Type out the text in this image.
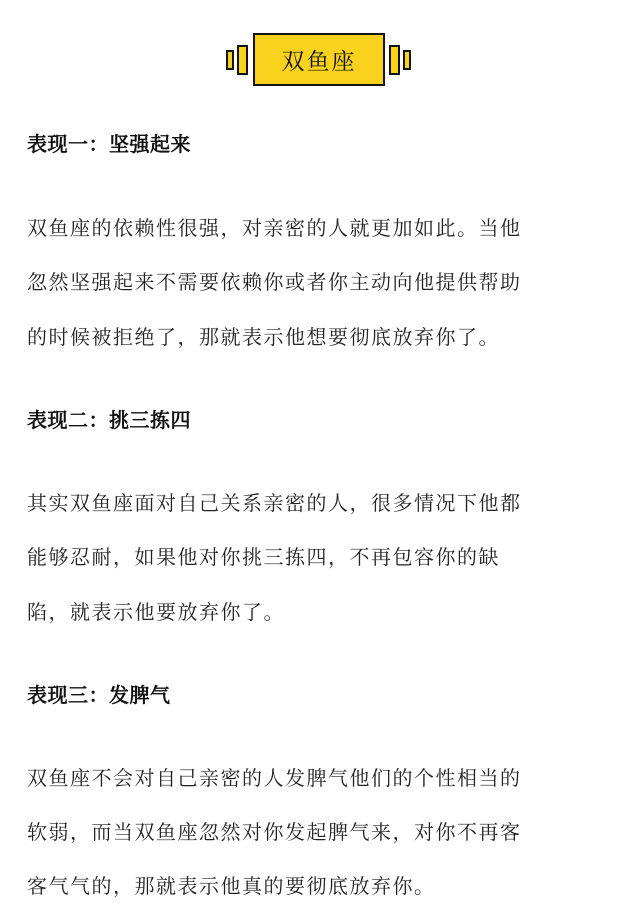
双鱼座
表现一：坚强起来
双鱼座的依赖性很强，对亲密的人就更加如此。当他
忽然坚强起来不需要依赖你或者你主动向他提供帮助
的时候被拒绝了，那就表示他想要彻底放弃你了。
表现二：挑三拣四
其实双鱼座面对自己关系亲密的人，很多情况下他都
能够忍耐，如果他对你挑三拣四，不再包容你的缺
陷，就表示他要放弃你了。
表现三：发脾气
双鱼座不会对自己亲密的人发脾气他们的个性相当的
软弱，而当双鱼座忽然对你发起脾气来，对你不再客
客气气的，那就表示他真的要彻底放弃你。
